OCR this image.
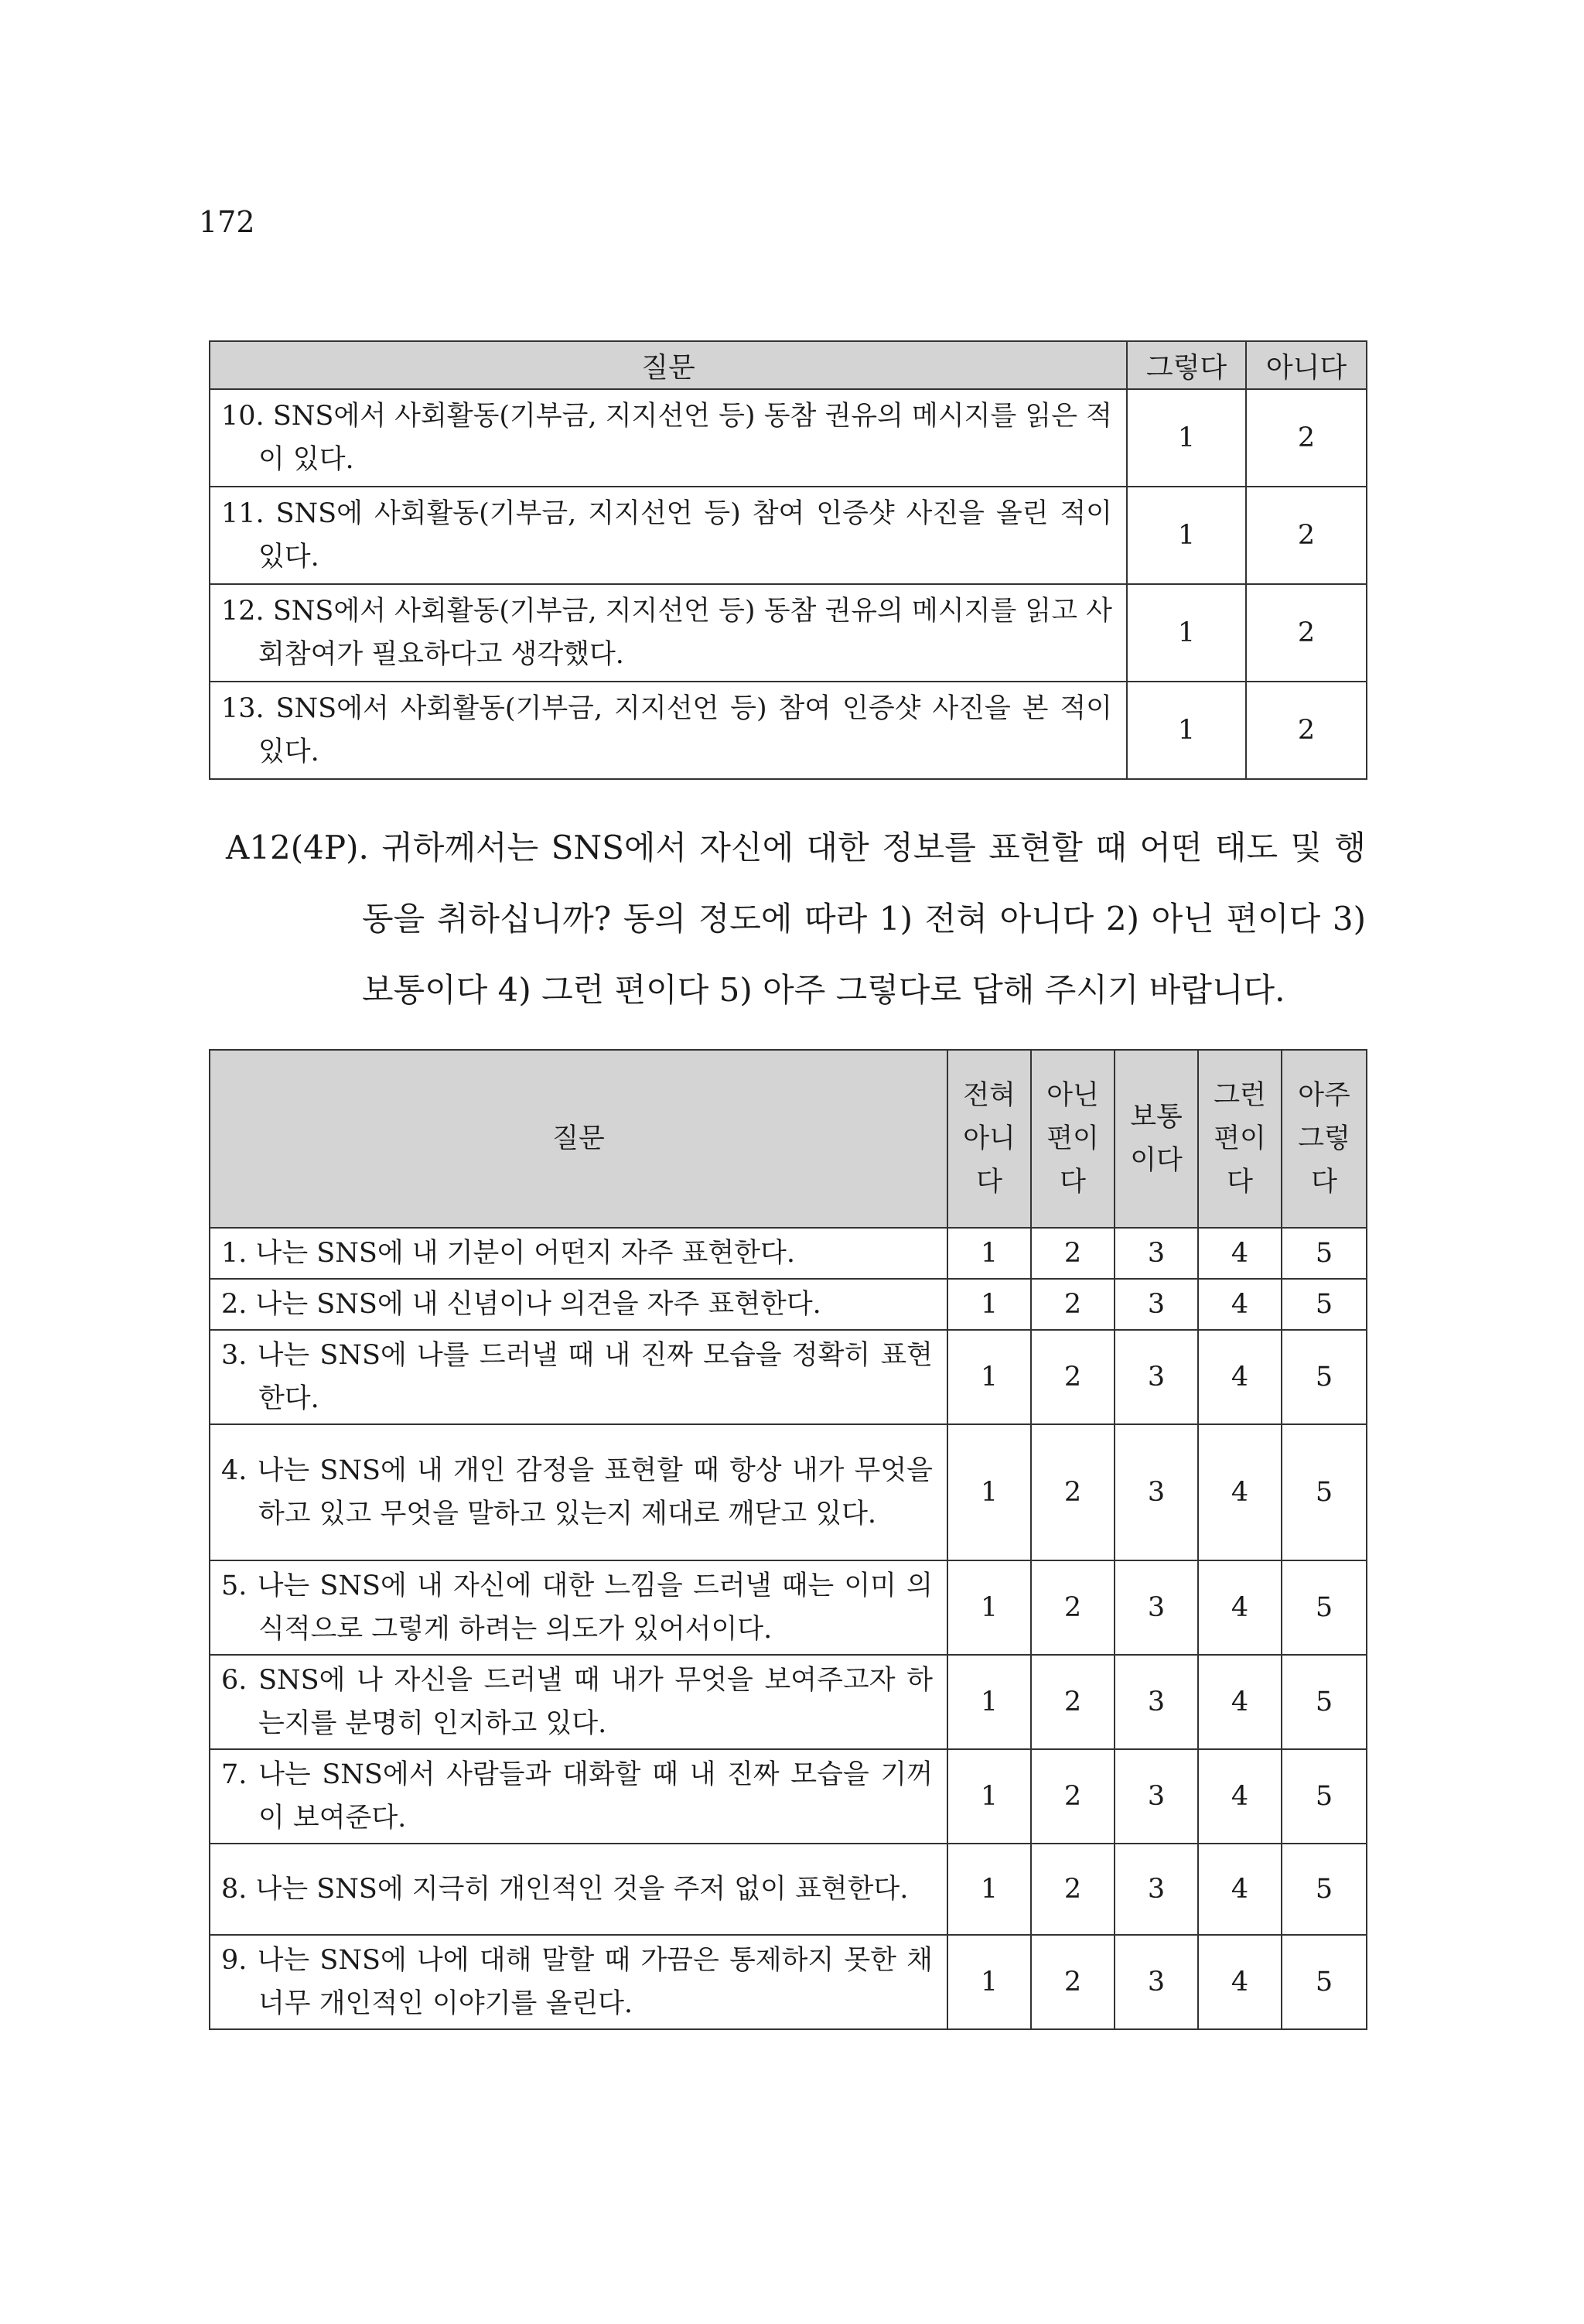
172
질문	그렇다	아니다

10. SNS에서 사회활동(기부금, 지지선언 등) 동참 권유의 메시지를 읽은 적이 있다.	1	2

11. SNS에 사회활동(기부금, 지지선언 등) 참여 인증샷 사진을 올린 적이 있다.	1	2

12. SNS에서 사회활동(기부금, 지지선언 등) 동참 권유의 메시지를 읽고 사회참여가 필요하다고 생각했다.	1	2

13. SNS에서 사회활동(기부금, 지지선언 등) 참여 인증샷 사진을 본 적이 있다.	1	2
A12(4P). 귀하께서는 SNS에서 자신에 대한 정보를 표현할 때 어떤 태도 및 행동을 취하십니까? 동의 정도에 따라 1) 전혀 아니다 2) 아닌 편이다 3) 보통이다 4) 그런 편이다 5) 아주 그렇다로 답해 주시기 바랍니다.
질문	전혀아니다	아닌편이다	보통이다	그런편이다	아주그렇다

1. 나는 SNS에 내 기분이 어떤지 자주 표현한다.	1	2	3	4	5

2. 나는 SNS에 내 신념이나 의견을 자주 표현한다.	1	2	3	4	5

3. 나는 SNS에 나를 드러낼 때 내 진짜 모습을 정확히 표현한다.	1	2	3	4	5

4. 나는 SNS에 내 개인 감정을 표현할 때 항상 내가 무엇을 하고 있고 무엇을 말하고 있는지 제대로 깨닫고 있다.	1	2	3	4	5

5. 나는 SNS에 내 자신에 대한 느낌을 드러낼 때는 이미 의식적으로 그렇게 하려는 의도가 있어서이다.	1	2	3	4	5

6. SNS에 나 자신을 드러낼 때 내가 무엇을 보여주고자 하는지를 분명히 인지하고 있다.	1	2	3	4	5

7. 나는 SNS에서 사람들과 대화할 때 내 진짜 모습을 기꺼이 보여준다.	1	2	3	4	5

8. 나는 SNS에 지극히 개인적인 것을 주저 없이 표현한다.	1	2	3	4	5

9. 나는 SNS에 나에 대해 말할 때 가끔은 통제하지 못한 채 너무 개인적인 이야기를 올린다.	1	2	3	4	5
